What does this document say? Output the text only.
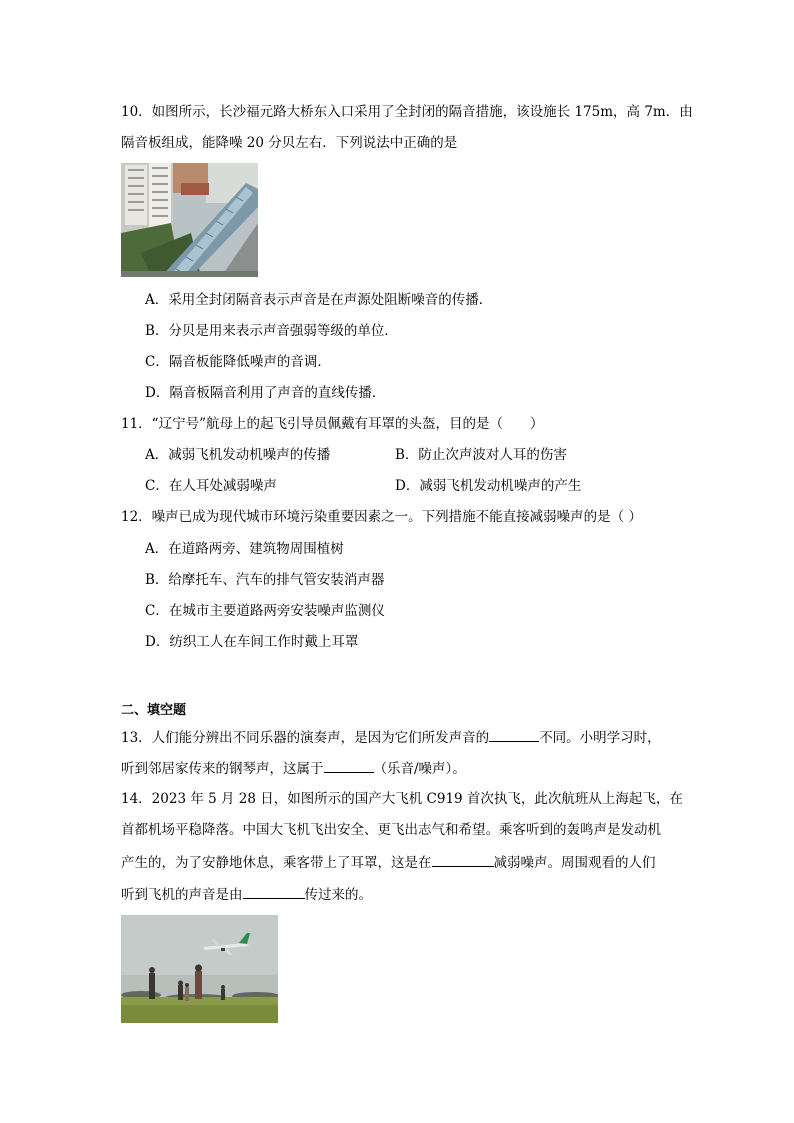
10．如图所示，长沙福元路大桥东入口采用了全封闭的隔音措施，该设施长 175m，高 7m．由
隔音板组成，能降噪 20 分贝左右．下列说法中正确的是
A．采用全封闭隔音表示声音是在声源处阻断噪音的传播．
B．分贝是用来表示声音强弱等级的单位．
C．隔音板能降低噪声的音调．
D．隔音板隔音利用了声音的直线传播．
11．“辽宁号”航母上的起飞引导员佩戴有耳罩的头盔，目的是（　　）
A．减弱飞机发动机噪声的传播	B．防止次声波对人耳的伤害
C．在人耳处减弱噪声	D．减弱飞机发动机噪声的产生
12．噪声已成为现代城市环境污染重要因素之一。下列措施不能直接减弱噪声的是（ ）
A．在道路两旁、建筑物周围植树
B．给摩托车、汽车的排气管安装消声器
C．在城市主要道路两旁安装噪声监测仪
D．纺织工人在车间工作时戴上耳罩
二、填空题
13．人们能分辨出不同乐器的演奏声，是因为它们所发声音的	不同。小明学习时，
听到邻居家传来的钢琴声，这属于	（乐音/噪声）。
14．2023 年 5 月 28 日，如图所示的国产大飞机 C919 首次执飞，此次航班从上海起飞，在
首都机场平稳降落。中国大飞机飞出安全、更飞出志气和希望。乘客听到的轰鸣声是发动机
产生的，为了安静地休息，乘客带上了耳罩，这是在	减弱噪声。周围观看的人们
听到飞机的声音是由	传过来的。
